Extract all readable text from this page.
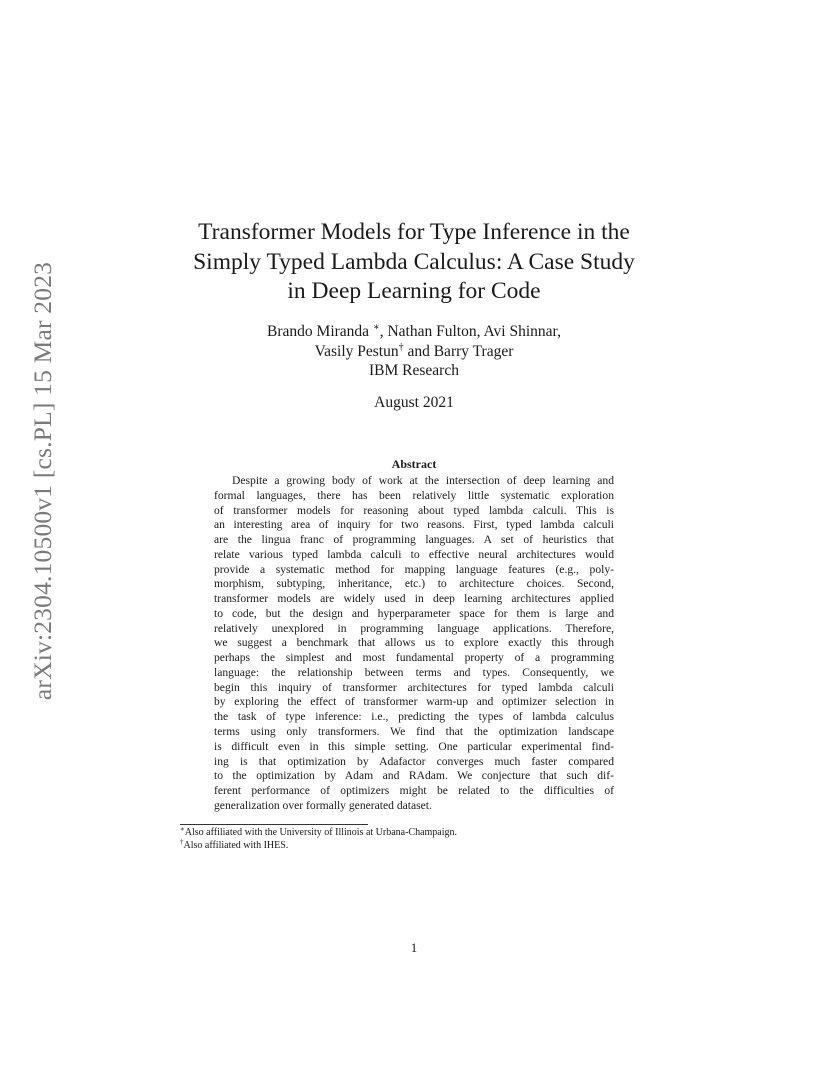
arXiv:2304.10500v1 [cs.PL] 15 Mar 2023
Transformer Models for Type Inference in the
Simply Typed Lambda Calculus: A Case Study
in Deep Learning for Code
Brando Miranda ∗, Nathan Fulton, Avi Shinnar,
Vasily Pestun† and Barry Trager
IBM Research
August 2021
Abstract
Despite a growing body of work at the intersection of deep learning and
formal languages, there has been relatively little systematic exploration
of transformer models for reasoning about typed lambda calculi. This is
an interesting area of inquiry for two reasons. First, typed lambda calculi
are the lingua franc of programming languages. A set of heuristics that
relate various typed lambda calculi to effective neural architectures would
provide a systematic method for mapping language features (e.g., poly-
morphism, subtyping, inheritance, etc.) to architecture choices. Second,
transformer models are widely used in deep learning architectures applied
to code, but the design and hyperparameter space for them is large and
relatively unexplored in programming language applications. Therefore,
we suggest a benchmark that allows us to explore exactly this through
perhaps the simplest and most fundamental property of a programming
language: the relationship between terms and types. Consequently, we
begin this inquiry of transformer architectures for typed lambda calculi
by exploring the effect of transformer warm-up and optimizer selection in
the task of type inference: i.e., predicting the types of lambda calculus
terms using only transformers. We find that the optimization landscape
is difficult even in this simple setting. One particular experimental find-
ing is that optimization by Adafactor converges much faster compared
to the optimization by Adam and RAdam. We conjecture that such dif-
ferent performance of optimizers might be related to the difficulties of
generalization over formally generated dataset.
∗Also affiliated with the University of Illinois at Urbana-Champaign.
†Also affiliated with IHES.
1
